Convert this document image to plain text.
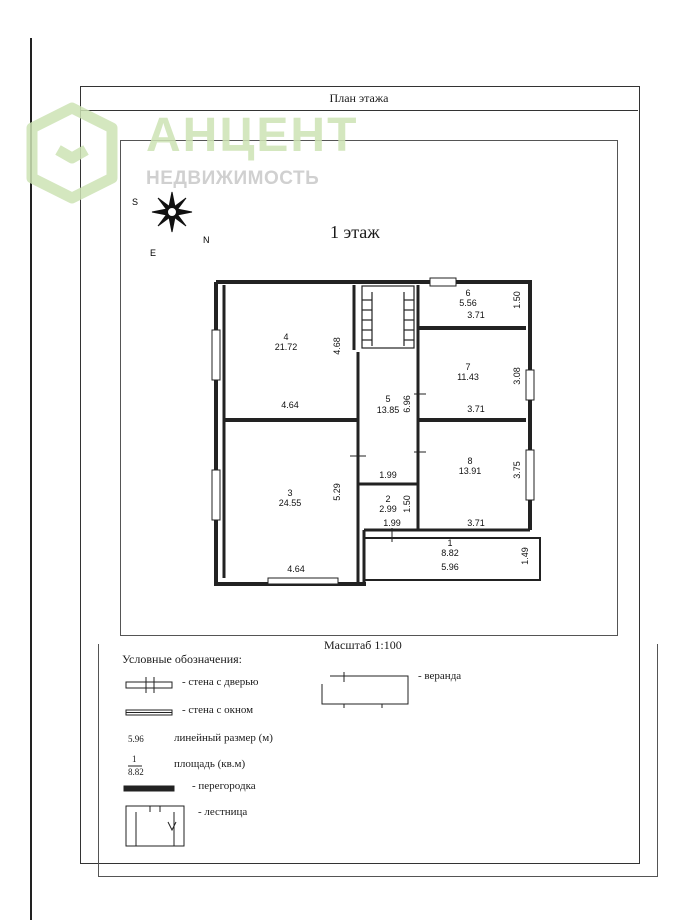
План этажа
АНЦЕНТ
НЕДВИЖИМОСТЬ
1 этаж
S
N
E
4
21.72
5
13.85
6
5.56
7
11.43
8
13.91
3
24.55	2
2.99
1
8.82
4.64
4.68
4.64
5.29
6.96
1.99
1.99
1.50
3.71
1.50
3.71
3.08
3.71
3.75
5.96
1.49
Масштаб 1:100
Условные обозначения:
- стена с дверью
- стена с окном
- веранда
5.96	линейный размер (м)
1
8.82
площадь (кв.м)
- перегородка
- лестница
